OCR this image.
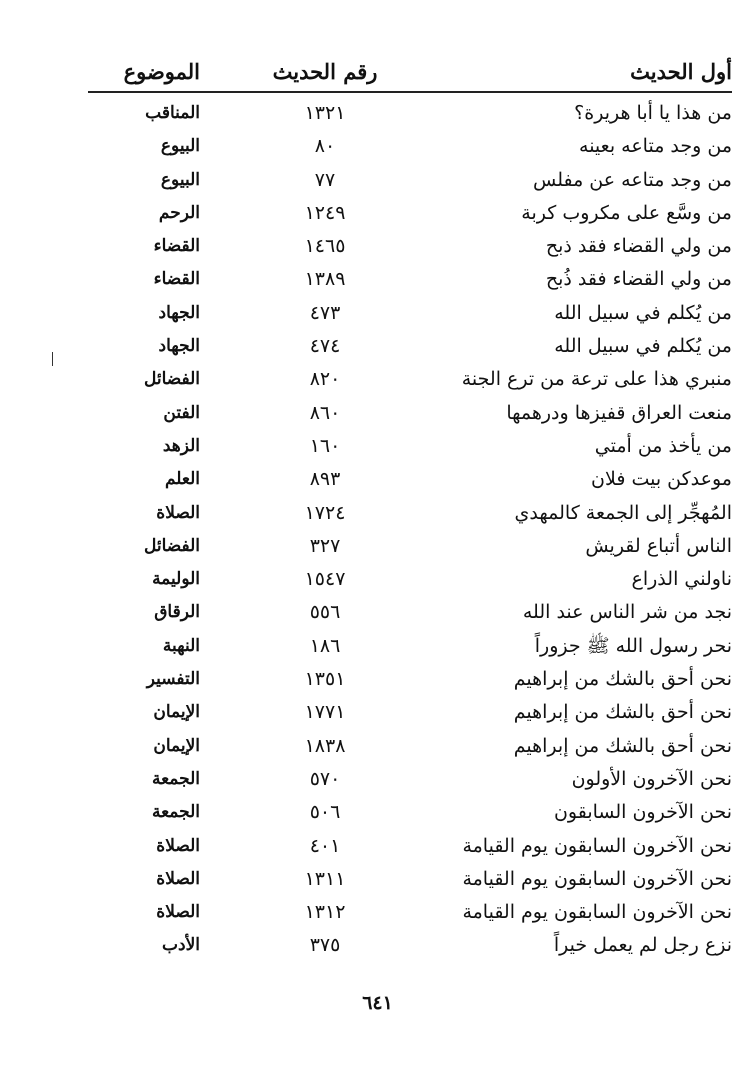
أول الحديث
رقم الحديث
الموضوع
من هذا يا أبا هريرة؟
١٣٢١
المناقب
من وجد متاعه بعينه
٨٠
البيوع
من وجد متاعه عن مفلس
٧٧
البيوع
من وسَّع على مكروب كربة
١٢٤٩
الرحم
من ولي القضاء فقد ذبح
١٤٦٥
القضاء
من ولي القضاء فقد ذُبح
١٣٨٩
القضاء
من يُكلم في سبيل الله
٤٧٣
الجهاد
من يُكلم في سبيل الله
٤٧٤
الجهاد
منبري هذا على ترعة من ترع الجنة
٨٢٠
الفضائل
منعت العراق قفيزها ودرهمها
٨٦٠
الفتن
من يأخذ من أمتي
١٦٠
الزهد
موعدكن بيت فلان
٨٩٣
العلم
المُهجِّر إلى الجمعة كالمهدي
١٧٢٤
الصلاة
الناس أتباع لقريش
٣٢٧
الفضائل
ناولني الذراع
١٥٤٧
الوليمة
نجد من شر الناس عند الله
٥٥٦
الرقاق
نحر رسول الله ﷺ جزوراً
١٨٦
النهبة
نحن أحق بالشك من إبراهيم
١٣٥١
التفسير
نحن أحق بالشك من إبراهيم
١٧٧١
الإيمان
نحن أحق بالشك من إبراهيم
١٨٣٨
الإيمان
نحن الآخرون الأولون
٥٧٠
الجمعة
نحن الآخرون السابقون
٥٠٦
الجمعة
نحن الآخرون السابقون يوم القيامة
٤٠١
الصلاة
نحن الآخرون السابقون يوم القيامة
١٣١١
الصلاة
نحن الآخرون السابقون يوم القيامة
١٣١٢
الصلاة
نزع رجل لم يعمل خيراً
٣٧٥
الأدب
٦٤١
